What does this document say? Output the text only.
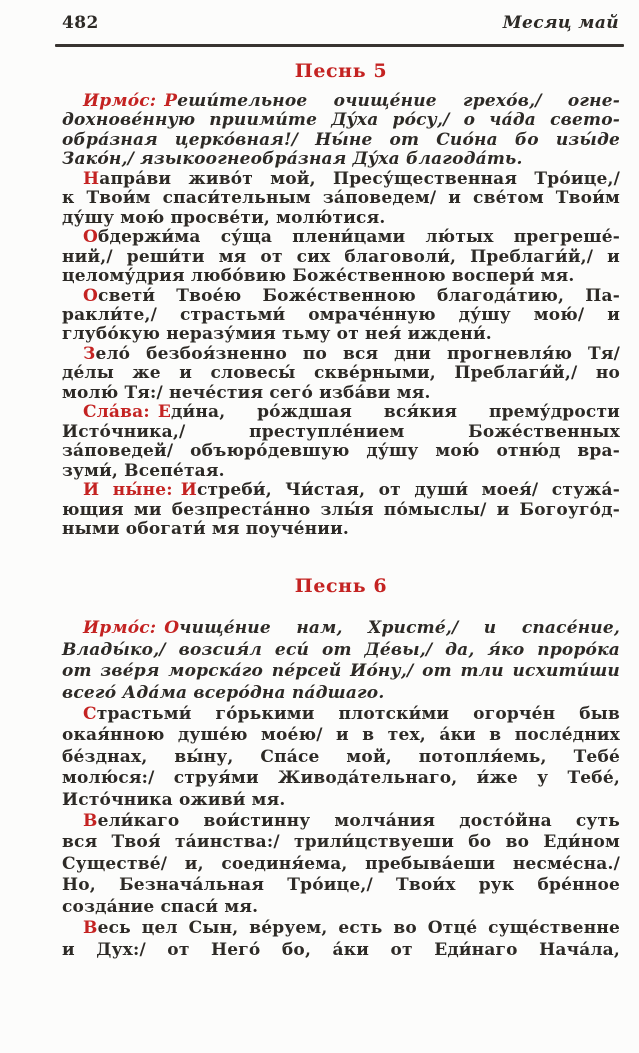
482	Месяц май
Песнь 5
Ирмо́с: Реши́тельное очище́ние грехо́в,/ огне-
дохнове́нную приими́те Ду́ха ро́су,/ о ча́да свето-
обра́зная церко́вная!/ Ны́не от Сио́на бо изы́де
Зако́н,/ языкоогнеобра́зная Ду́ха благода́ть.
Напра́ви живо́т мой, Пресу́щественная Тро́ице,/
к Твои́м спаси́тельным за́поведем/ и све́том Твои́м
ду́шу мою́ просве́ти, молю́тися.
Обдержи́ма су́ща плени́цами лю́тых прегреше́-
ний,/ реши́ти мя от сих благоволи́, Преблаги́й,/ и
целому́дрия любо́вию Боже́ственною воспери́ мя.
Освети́ Твое́ю Боже́ственною благода́тию, Па-
ракли́те,/ страстьми́ омраче́нную ду́шу мою́/ и
глубо́кую неразу́мия тьму от нея́ иждени́.
Зело́ безбоя́зненно по вся дни прогневля́ю Тя/
де́лы же и словесы́ скве́рными, Преблаги́й,/ но
молю́ Тя:/ нече́стия сего́ изба́ви мя.
Сла́ва: Еди́на, ро́ждшая вся́кия прему́дрости
Исто́чника,/ преступле́нием Боже́ственных
за́поведей/ объюро́девшую ду́шу мою́ отню́д вра-
зуми́, Всепе́тая.
И ны́не: Истреби́, Чи́стая, от души́ моея́/ стужа́-
ющия ми безпреста́нно злы́я по́мыслы/ и Богоуго́д-
ными обогати́ мя поуче́нии.
Песнь 6
Ирмо́с: Очище́ние нам, Христе́,/ и спасе́ние,
Влады́ко,/ возсия́л еси́ от Де́вы,/ да, я́ко проро́ка
от зве́ря морска́го пе́рсей Ио́ну,/ от тли исхити́ши
всего́ Ада́ма всеро́дна па́дшаго.
Страстьми́ го́рькими плотски́ми огорче́н быв
окая́нною душе́ю мое́ю/ и в тех, а́ки в после́дних
бе́зднах, вы́ну, Спа́се мой, потопля́емь, Тебе́
молю́ся:/ струя́ми Живода́тельнаго, и́же у Тебе́,
Исто́чника оживи́ мя.
Вели́каго вои́стинну молча́ния досто́йна суть
вся Твоя́ та́инства:/ трили́цствуеши бо во Еди́ном
Существе́/ и, соединя́ема, пребыва́еши несме́сна./
Но, Безнача́льная Тро́ице,/ Твои́х рук бре́нное
созда́ние спаси́ мя.
Весь цел Сын, ве́руем, есть во Отце́ суще́ственне
и Дух:/ от Него́ бо, а́ки от Еди́наго Нача́ла,
